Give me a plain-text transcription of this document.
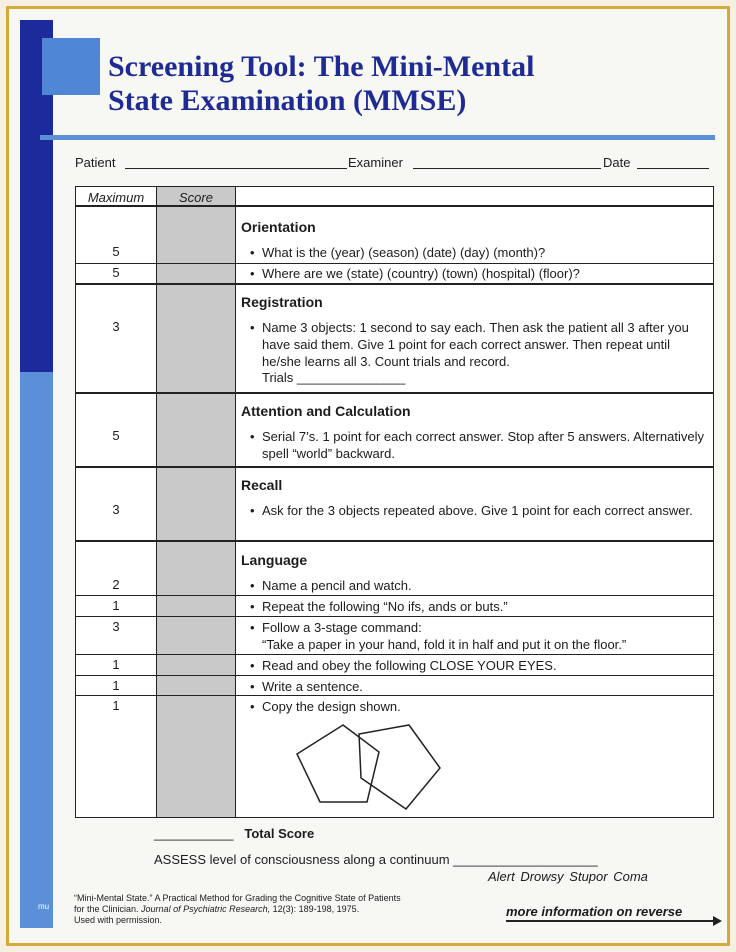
mu
Screening Tool: The Mini-Mental
State Examination (MMSE)
Patient	Examiner	Date
Maximum	Score
Orientation
5	• What is the (year) (season) (date) (day) (month)?
5	• Where are we (state) (country) (town) (hospital) (floor)?
Registration
3	• Name 3 objects: 1 second to say each. Then ask the patient all 3 after you have said them. Give 1 point for each correct answer. Then repeat until he/she learns all 3. Count trials and record.
Trials _______________
Attention and Calculation
5	• Serial 7’s. 1 point for each correct answer. Stop after 5 answers. Alternatively spell “world” backward.
Recall
3	• Ask for the 3 objects repeated above. Give 1 point for each correct answer.
Language
2	• Name a pencil and watch.
1	• Repeat the following “No ifs, ands or buts.”
3	• Follow a 3-stage command:
“Take a paper in your hand, fold it in half and put it on the floor.”
1	• Read and obey the following CLOSE YOUR EYES.
1	• Write a sentence.
1	• Copy the design shown.
___________ Total Score
ASSESS level of consciousness along a continuum ____________________
Alert Drowsy Stupor Coma
“Mini-Mental State.” A Practical Method for Grading the Cognitive State of Patients
for the Clinician. Journal of Psychiatric Research, 12(3): 189-198, 1975.
Used with permission.
more information on reverse
